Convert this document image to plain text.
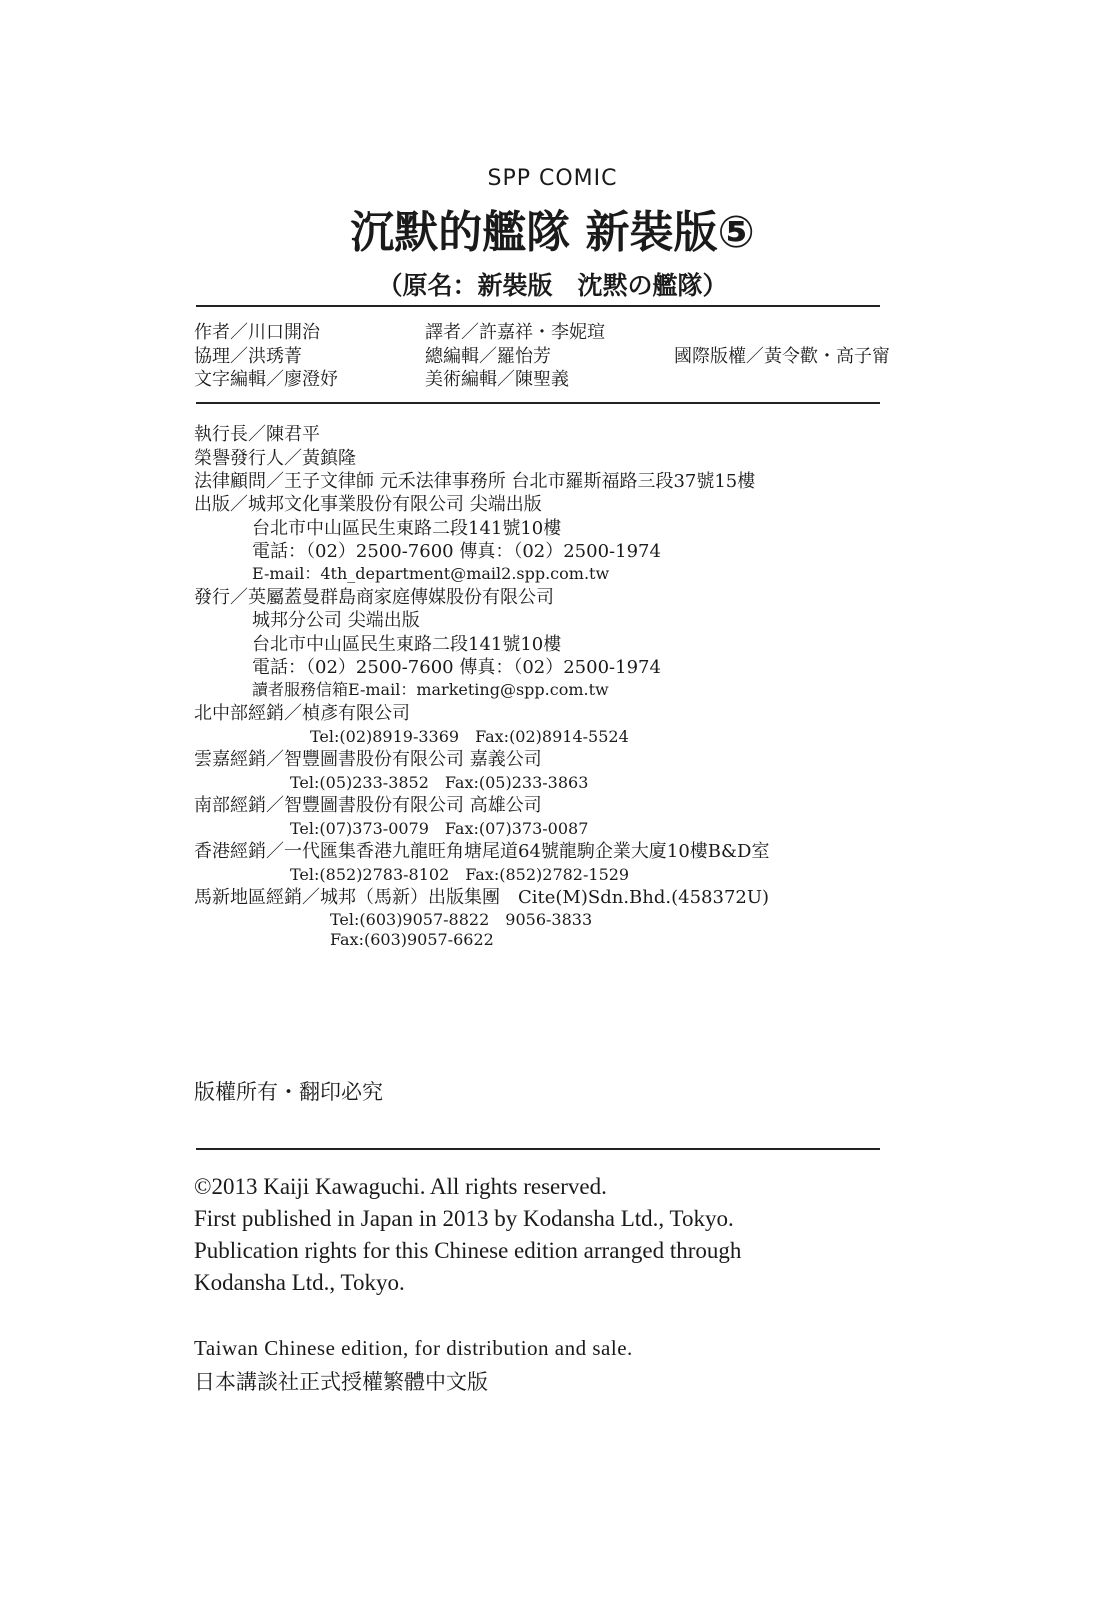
SPP COMIC
沉默的艦隊 新裝版⑤
（原名：新裝版　沈黙の艦隊）
作者／川口開治
協理／洪琇菁
文字編輯／廖澄妤
譯者／許嘉祥・李妮瑄
總編輯／羅怡芳
美術編輯／陳聖義
國際版權／黃令歡・高子甯
執行長／陳君平
榮譽發行人／黃鎮隆
法律顧問／王子文律師 元禾法律事務所 台北市羅斯福路三段37號15樓
出版／城邦文化事業股份有限公司 尖端出版
台北市中山區民生東路二段141號10樓
電話：（02）2500-7600 傳真：（02）2500-1974
E-mail：4th_department@mail2.spp.com.tw
發行／英屬蓋曼群島商家庭傳媒股份有限公司
城邦分公司 尖端出版
台北市中山區民生東路二段141號10樓
電話：（02）2500-7600 傳真：（02）2500-1974
讀者服務信箱E-mail：marketing@spp.com.tw
北中部經銷／楨彥有限公司
Tel:(02)8919-3369　Fax:(02)8914-5524
雲嘉經銷／智豐圖書股份有限公司 嘉義公司
Tel:(05)233-3852　Fax:(05)233-3863
南部經銷／智豐圖書股份有限公司 高雄公司
Tel:(07)373-0079　Fax:(07)373-0087
香港經銷／一代匯集香港九龍旺角塘尾道64號龍駒企業大廈10樓B&D室
Tel:(852)2783-8102　Fax:(852)2782-1529
馬新地區經銷／城邦（馬新）出版集團　Cite(M)Sdn.Bhd.(458372U)
Tel:(603)9057-8822　9056-3833
Fax:(603)9057-6622
版權所有・翻印必究
©2013 Kaiji Kawaguchi. All rights reserved.
First published in Japan in 2013 by Kodansha Ltd., Tokyo.
Publication rights for this Chinese edition arranged through
Kodansha Ltd., Tokyo.
Taiwan Chinese edition, for distribution and sale.
日本講談社正式授權繁體中文版
